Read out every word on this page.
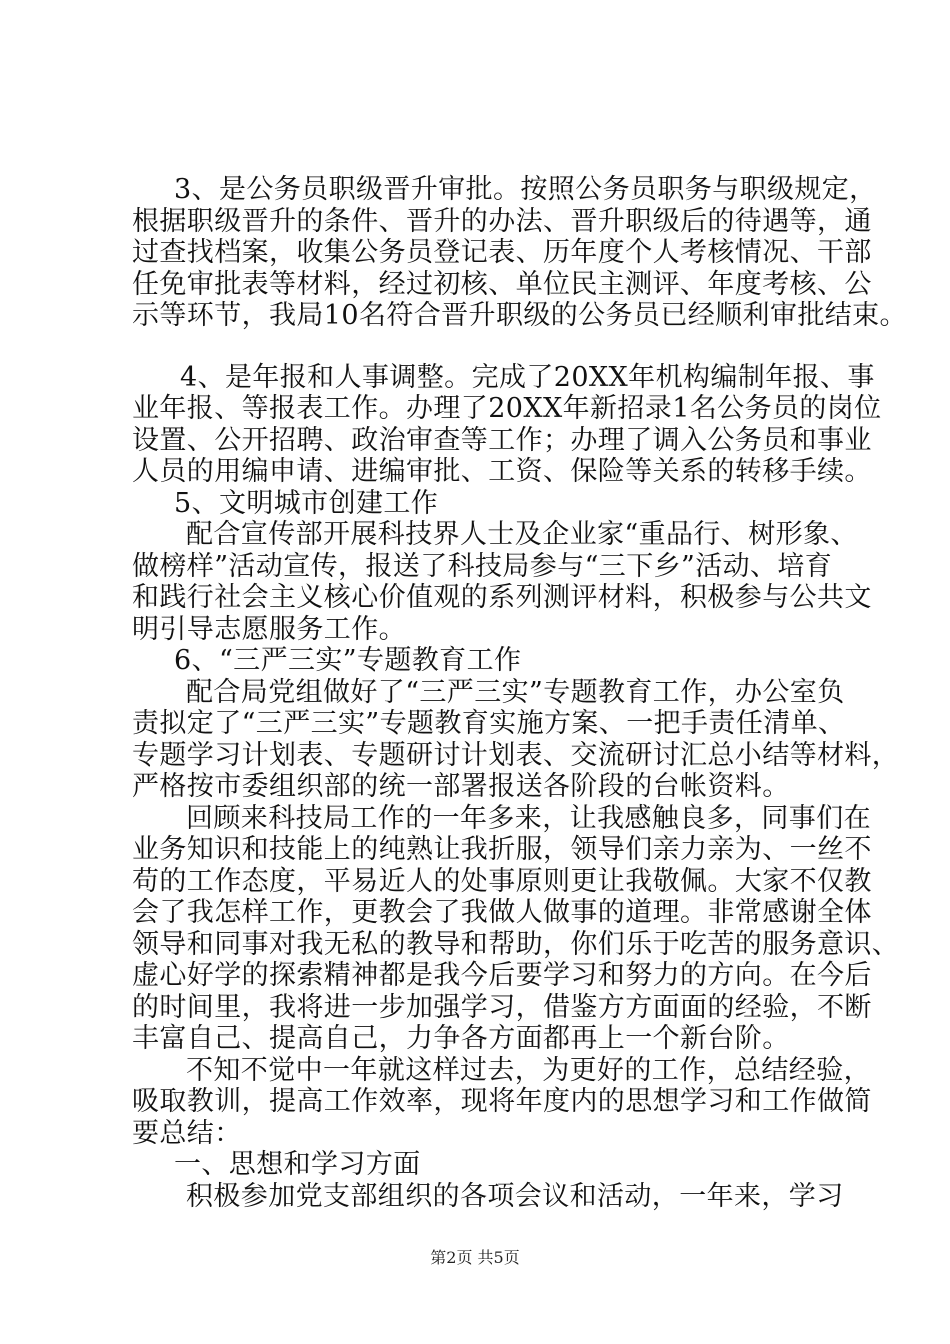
3、是公务员职级晋升审批。按照公务员职务与职级规定，
根据职级晋升的条件、晋升的办法、晋升职级后的待遇等，通
过查找档案，收集公务员登记表、历年度个人考核情况、干部
任免审批表等材料，经过初核、单位民主测评、年度考核、公
示等环节，我局10名符合晋升职级的公务员已经顺利审批结束。
4、是年报和人事调整。完成了20XX年机构编制年报、事
业年报、等报表工作。办理了20XX年新招录1名公务员的岗位
设置、公开招聘、政治审查等工作；办理了调入公务员和事业
人员的用编申请、进编审批、工资、保险等关系的转移手续。
5、文明城市创建工作
配合宣传部开展科技界人士及企业家“重品行、树形象、
做榜样”活动宣传，报送了科技局参与“三下乡”活动、培育
和践行社会主义核心价值观的系列测评材料，积极参与公共文
明引导志愿服务工作。
6、“三严三实”专题教育工作
配合局党组做好了“三严三实”专题教育工作，办公室负
责拟定了“三严三实”专题教育实施方案、一把手责任清单、
专题学习计划表、专题研讨计划表、交流研讨汇总小结等材料，
严格按市委组织部的统一部署报送各阶段的台帐资料。
回顾来科技局工作的一年多来，让我感触良多，同事们在
业务知识和技能上的纯熟让我折服，领导们亲力亲为、一丝不
苟的工作态度，平易近人的处事原则更让我敬佩。大家不仅教
会了我怎样工作，更教会了我做人做事的道理。非常感谢全体
领导和同事对我无私的教导和帮助，你们乐于吃苦的服务意识、
虚心好学的探索精神都是我今后要学习和努力的方向。在今后
的时间里，我将进一步加强学习，借鉴方方面面的经验，不断
丰富自己、提高自己，力争各方面都再上一个新台阶。
不知不觉中一年就这样过去，为更好的工作，总结经验，
吸取教训，提高工作效率，现将年度内的思想学习和工作做简
要总结：
一、思想和学习方面
积极参加党支部组织的各项会议和活动，一年来，学习
第2页 共5页
